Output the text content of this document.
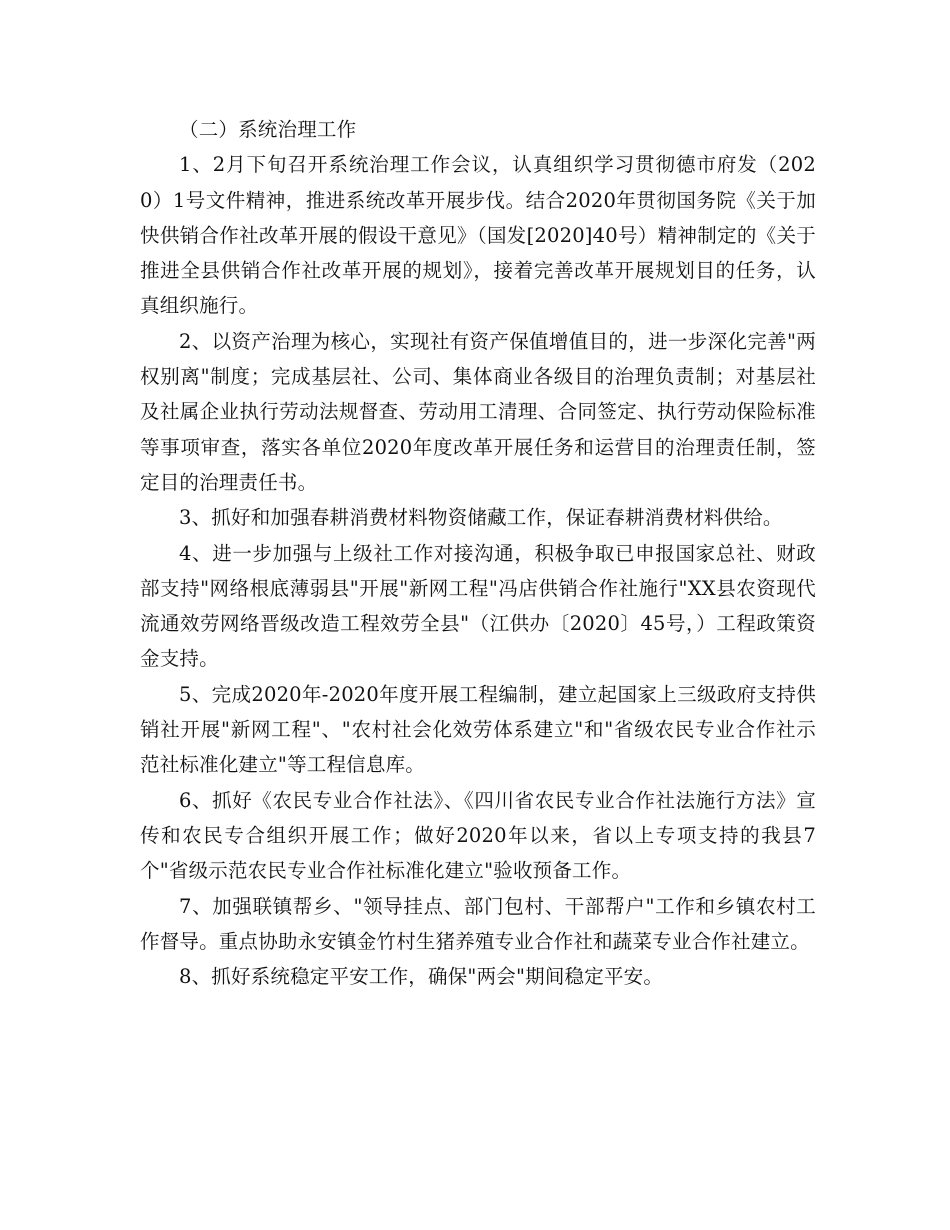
（二）系统治理工作

1、2月下旬召开系统治理工作会议，认真组织学习贯彻德市府发（2020）1号文件精神，推进系统改革开展步伐。结合2020年贯彻国务院《关于加快供销合作社改革开展的假设干意见》（国发[2020]40号）精神制定的《关于推进全县供销合作社改革开展的规划》，接着完善改革开展规划目的任务，认真组织施行。

2、以资产治理为核心，实现社有资产保值增值目的，进一步深化完善"两权别离"制度；完成基层社、公司、集体商业各级目的治理负责制；对基层社及社属企业执行劳动法规督查、劳动用工清理、合同签定、执行劳动保险标准等事项审查，落实各单位2020年度改革开展任务和运营目的治理责任制，签定目的治理责任书。

3、抓好和加强春耕消费材料物资储藏工作，保证春耕消费材料供给。

4、进一步加强与上级社工作对接沟通，积极争取已申报国家总社、财政部支持"网络根底薄弱县"开展"新网工程"冯店供销合作社施行"XX县农资现代流通效劳网络晋级改造工程效劳全县"（江供办〔2020〕45号，）工程政策资金支持。

5、完成2020年-2020年度开展工程编制，建立起国家上三级政府支持供销社开展"新网工程"、"农村社会化效劳体系建立"和"省级农民专业合作社示范社标准化建立"等工程信息库。

6、抓好《农民专业合作社法》、《四川省农民专业合作社法施行方法》宣传和农民专合组织开展工作；做好2020年以来，省以上专项支持的我县7个"省级示范农民专业合作社标准化建立"验收预备工作。

7、加强联镇帮乡、"领导挂点、部门包村、干部帮户"工作和乡镇农村工作督导。重点协助永安镇金竹村生猪养殖专业合作社和蔬菜专业合作社建立。

8、抓好系统稳定平安工作，确保"两会"期间稳定平安。
